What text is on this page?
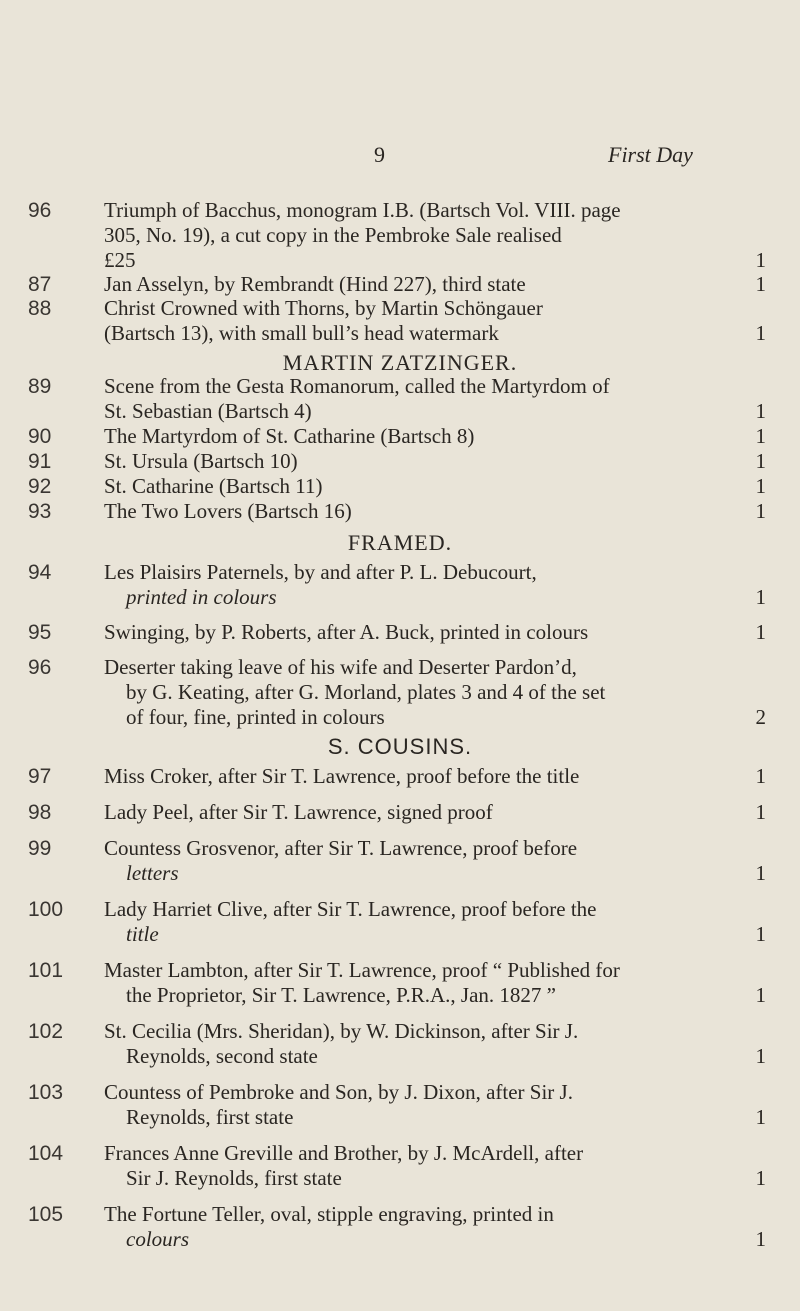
9	First Day
96	Triumph of Bacchus, monogram I.B. (Bartsch Vol. VIII. page
305, No. 19), a cut copy in the Pembroke Sale realised
£25	1
87	Jan Asselyn, by Rembrandt (Hind 227), third state	1
88	Christ Crowned with Thorns, by Martin Schöngauer
(Bartsch 13), with small bull’s head watermark	1
MARTIN ZATZINGER.
89	Scene from the Gesta Romanorum, called the Martyrdom of
St. Sebastian (Bartsch 4)	1
90	The Martyrdom of St. Catharine (Bartsch 8)	1
91	St. Ursula (Bartsch 10)	1
92	St. Catharine (Bartsch 11)	1
93	The Two Lovers (Bartsch 16)	1
FRAMED.
94	Les Plaisirs Paternels, by and after P. L. Debucourt,
printed in colours	1
95	Swinging, by P. Roberts, after A. Buck, printed in colours	1
96	Deserter taking leave of his wife and Deserter Pardon’d,
by G. Keating, after G. Morland, plates 3 and 4 of the set
of four, fine, printed in colours	2
S. COUSINS.
97	Miss Croker, after Sir T. Lawrence, proof before the title	1
98	Lady Peel, after Sir T. Lawrence, signed proof	1
99	Countess Grosvenor, after Sir T. Lawrence, proof before
letters	1
100 Lady Harriet Clive, after Sir T. Lawrence, proof before the
title	1
101 Master Lambton, after Sir T. Lawrence, proof “ Published for
the Proprietor, Sir T. Lawrence, P.R.A., Jan. 1827 ”	1
102 St. Cecilia (Mrs. Sheridan), by W. Dickinson, after Sir J.
Reynolds, second state	1
103 Countess of Pembroke and Son, by J. Dixon, after Sir J.
Reynolds, first state	1
104 Frances Anne Greville and Brother, by J. McArdell, after
Sir J. Reynolds, first state	1
105 The Fortune Teller, oval, stipple engraving, printed in
colours	1
